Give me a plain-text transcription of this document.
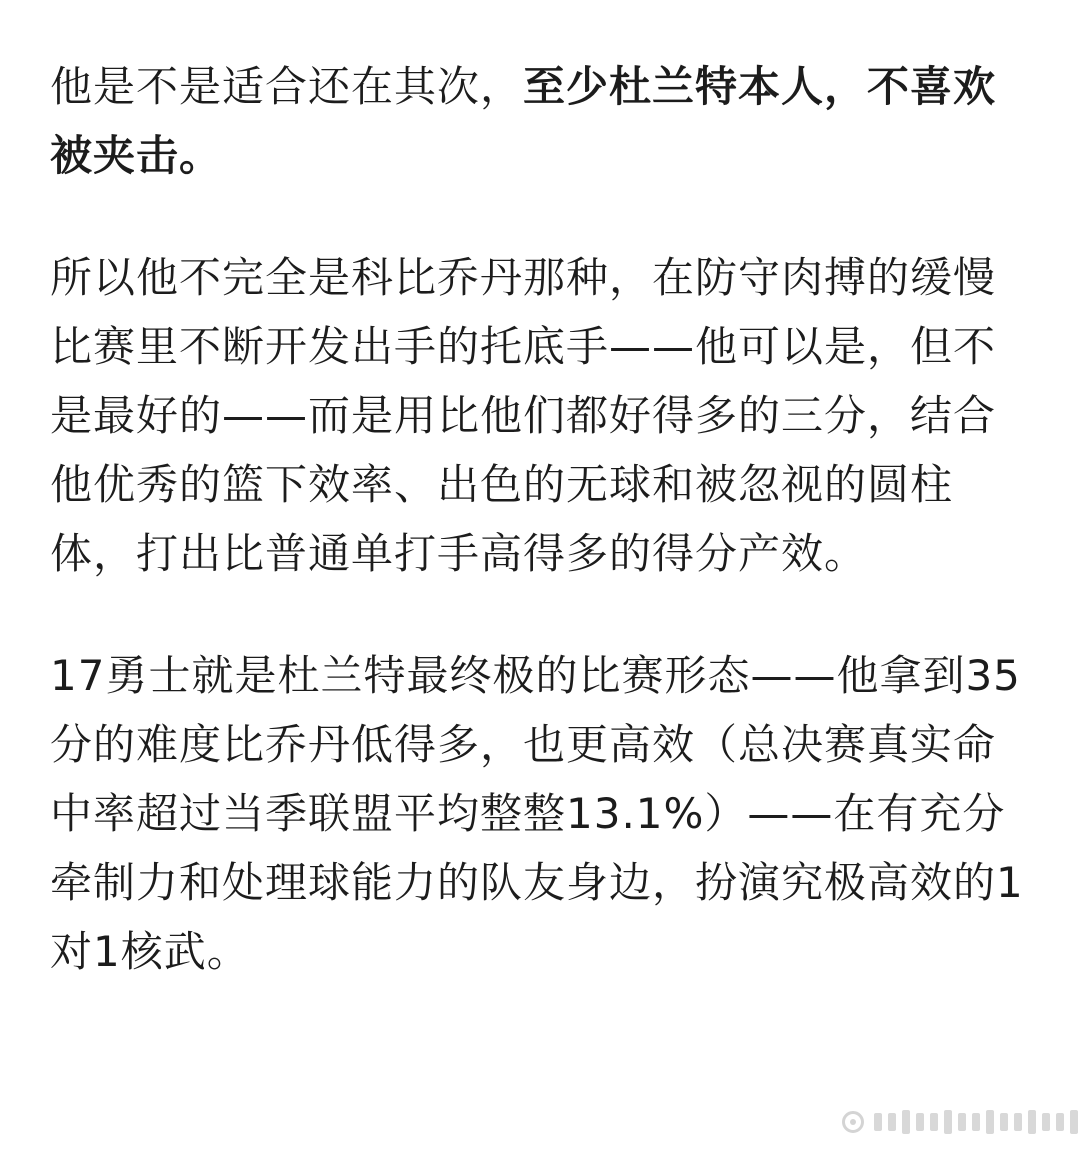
他是不是适合还在其次，至少杜兰特本人，不喜欢被夹击。

所以他不完全是科比乔丹那种，在防守肉搏的缓慢比赛里不断开发出手的托底手——他可以是，但不是最好的——而是用比他们都好得多的三分，结合他优秀的篮下效率、出色的无球和被忽视的圆柱体，打出比普通单打手高得多的得分产效。

17勇士就是杜兰特最终极的比赛形态——他拿到35分的难度比乔丹低得多，也更高效（总决赛真实命中率超过当季联盟平均整整13.1%）——在有充分牵制力和处理球能力的队友身边，扮演究极高效的1对1核武。
